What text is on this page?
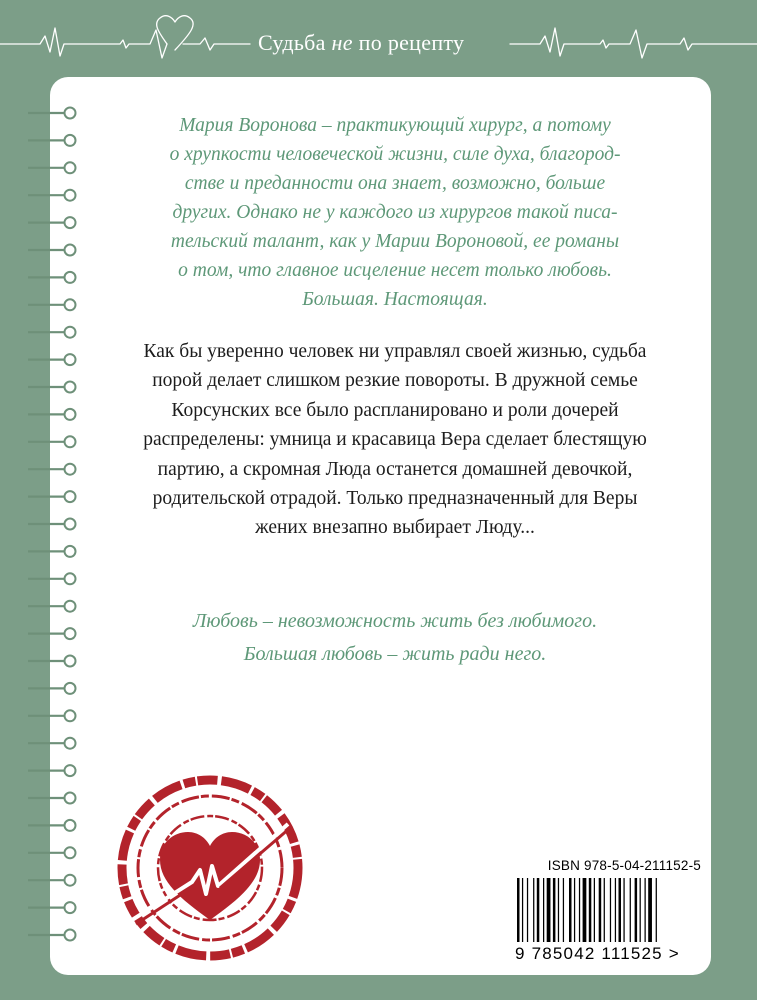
Судьба не по рецепту
Мария Воронова – практикующий хирург, а потому
о хрупкости человеческой жизни, силе духа, благород-
стве и преданности она знает, возможно, больше
других. Однако не у каждого из хирургов такой писа-
тельский талант, как у Марии Вороновой, ее романы
о том, что главное исцеление несет только любовь.
Большая. Настоящая.
Как бы уверенно человек ни управлял своей жизнью, судьба
порой делает слишком резкие повороты. В дружной семье
Корсунских все было распланировано и роли дочерей
распределены: умница и красавица Вера сделает блестящую
партию, а скромная Люда останется домашней девочкой,
родительской отрадой. Только предназначенный для Веры
жених внезапно выбирает Люду...
Любовь – невозможность жить без любимого.
Большая любовь – жить ради него.
ISBN 978-5-04-211152-5
9 785042 111525 >
